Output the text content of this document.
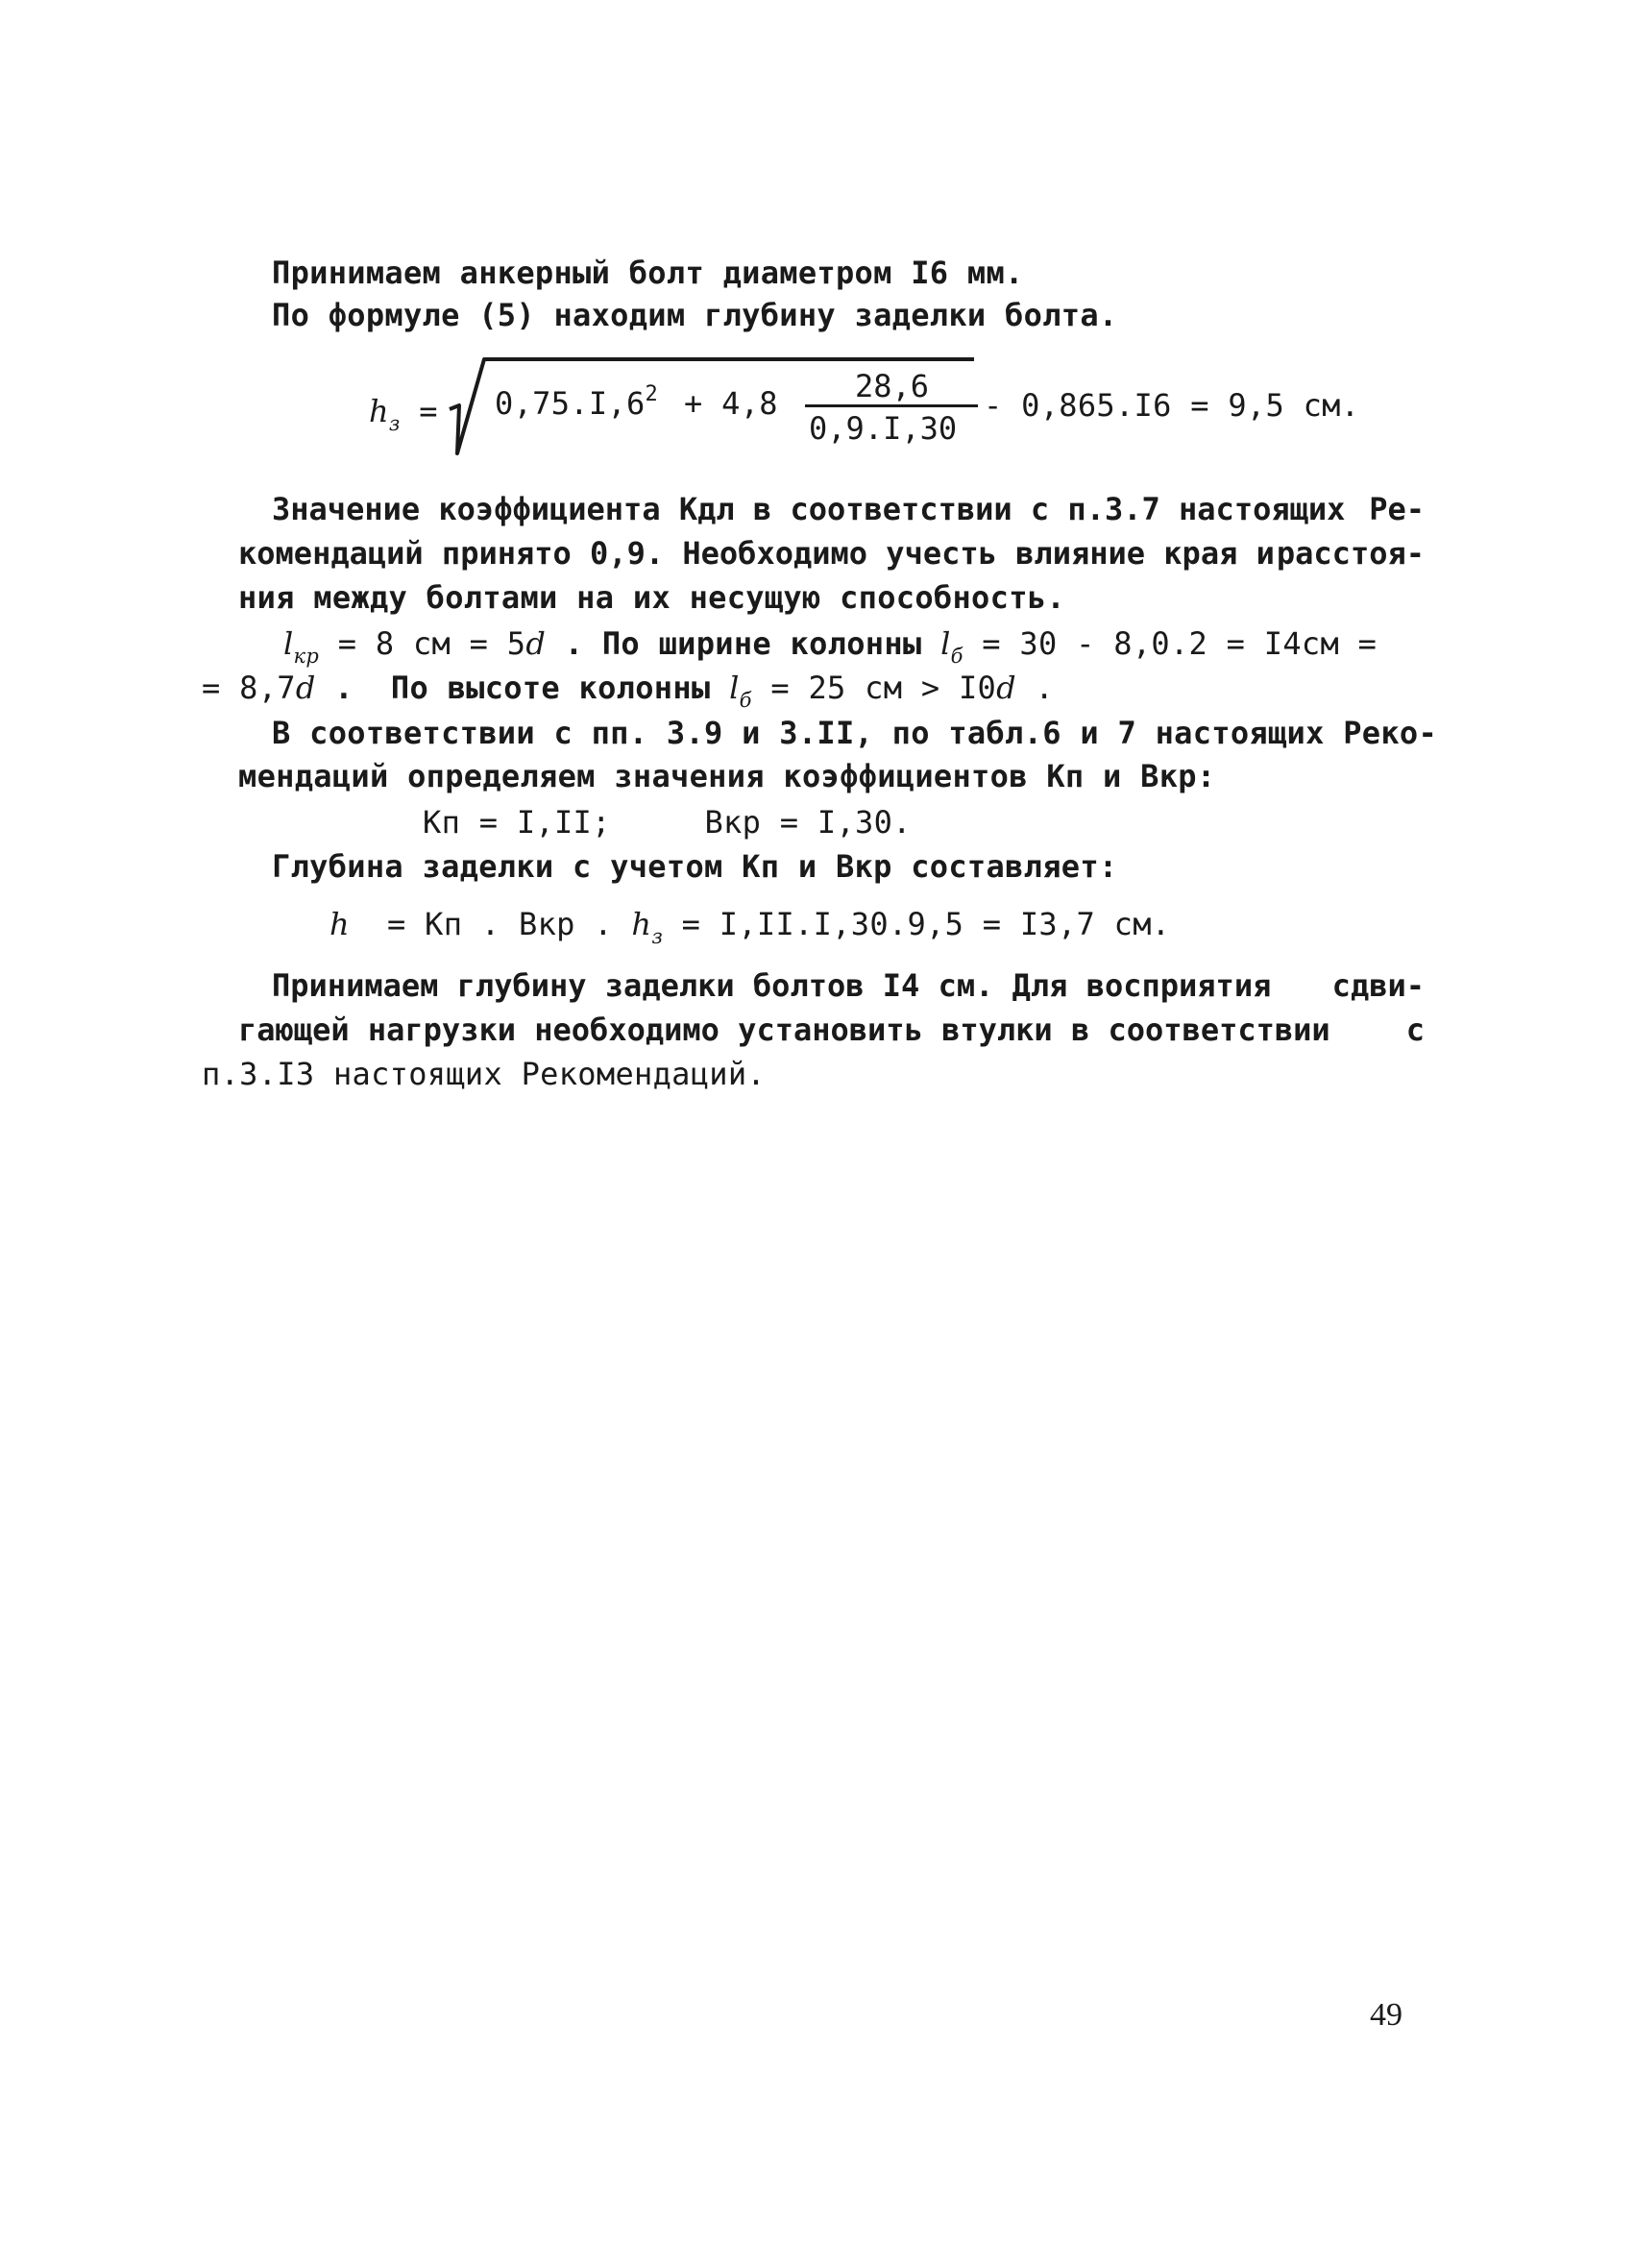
Принимаем анкерный болт диаметром I6 мм.
По формуле (5) находим глубину заделки болта.
$h_з = 0,75.I,6^2 + 4,8$	28,6
0,9.I,30
- 0,865.I6 = 9,5 см.
Значение коэффициента Кдл в соответствии с п.3.7 настоящих Ре-
комендаций принято 0,9. Необходимо учесть влияние края и расстоя-
ния между болтами на их несущую способность.
$l_{кр} = 8$ см = 5d . По ширине колонны $l_б = 30 - 8,0.2 = I4см$ =
= 8,7d .  По высоте колонны $l_б = 25$ см > I0d .
В соответствии с пп. 3.9 и 3.II, по табл.6 и 7 настоящих Реко-
мендаций определяем значения коэффициентов Кп и Вкр:
Кп = I,II;     Вкр = I,30.
Глубина заделки с учетом Кп и Вкр составляет:
h  = Кп . Вкр . $h_з = I,II.I,30.9,5 = I3,7$ см.
Принимаем глубину заделки болтов I4 см. Для восприятия сдви-
гающей нагрузки необходимо установить втулки в соответствии с
п.3.I3 настоящих Рекомендаций.
49
